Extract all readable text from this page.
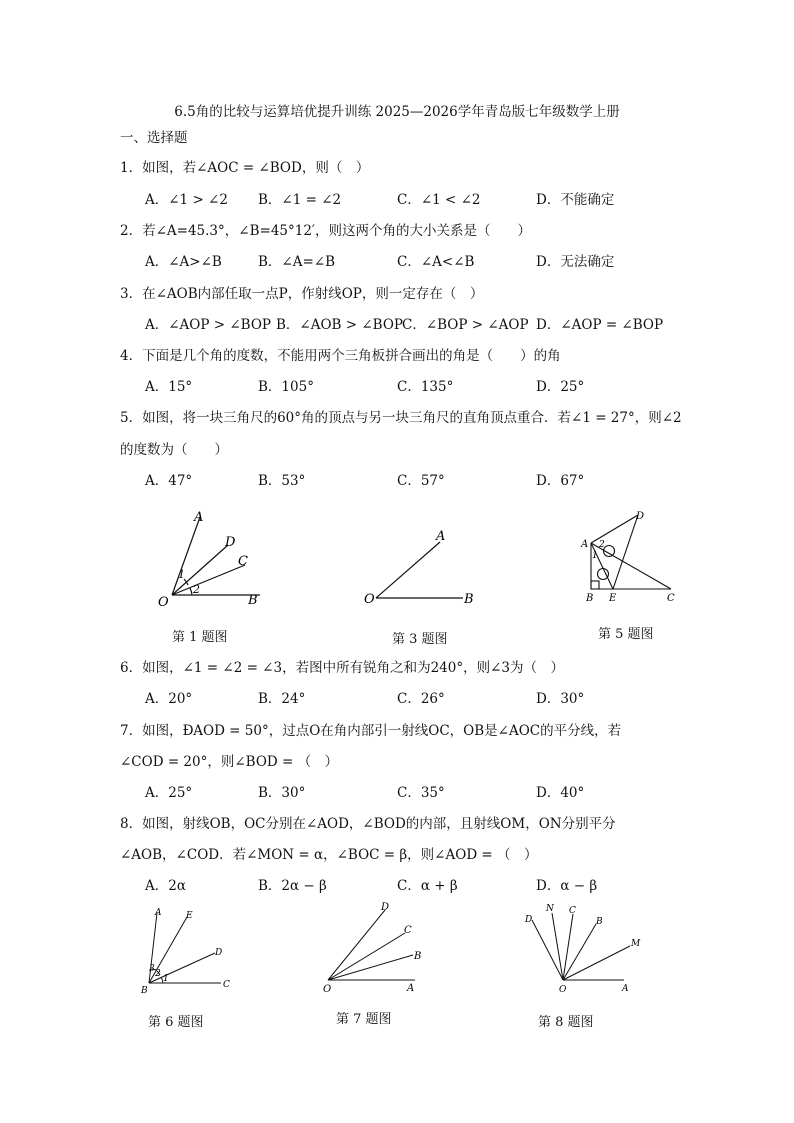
6.5角的比较与运算培优提升训练 2025—2026学年青岛版七年级数学上册
一、选择题
1．如图，若∠AOC = ∠BOD，则（　）
A．∠1 > ∠2 B．∠1 = ∠2	C．∠1 < ∠2	D．不能确定
2．若∠A=45.3°，∠B=45°12′，则这两个角的大小关系是（　　）
A．∠A>∠B	B．∠A=∠B	C．∠A<∠B	D．无法确定
3．在∠AOB内部任取一点P，作射线OP，则一定存在（　）
A．∠AOP > ∠BOP B．∠AOB > ∠BOP C．∠BOP > ∠AOP D．∠AOP = ∠BOP
4．下面是几个角的度数，不能用两个三角板拼合画出的角是（　　）的角
A．15°	B．105°	C．135°	D．25°
5．如图，将一块三角尺的60°角的顶点与另一块三角尺的直角顶点重合．若∠1 = 27°，则∠2
的度数为（　　）
A．47°	B．53°	C．57°	D．67°
A
D
C
1
2
O	B
第 1 题图
A
O	B
第 3 题图
D
A 2
1
B E	C
第 5 题图
6．如图，∠1 = ∠2 = ∠3，若图中所有锐角之和为240°，则∠3为（　）
A．20°	B．24°	C．26°	D．30°
7．如图，ÐAOD = 50°，过点O在角内部引一射线OC，OB是∠AOC的平分线，若
∠COD = 20°，则∠BOD = （　）
A．25°	B．30°	C．35°	D．40°
8．如图，射线OB，OC分别在∠AOD，∠BOD的内部，且射线OM，ON分别平分
∠AOB，∠COD．若∠MON = α，∠BOC = β，则∠AOD = （　）
A．2α	B．2α − β	C．α + β	D．α − β
A	E
D
3 2 1
B
C
第 6 题图
D
C
B
O	A
第 7 题图
D
N C
B
M
O	A
第 8 题图
